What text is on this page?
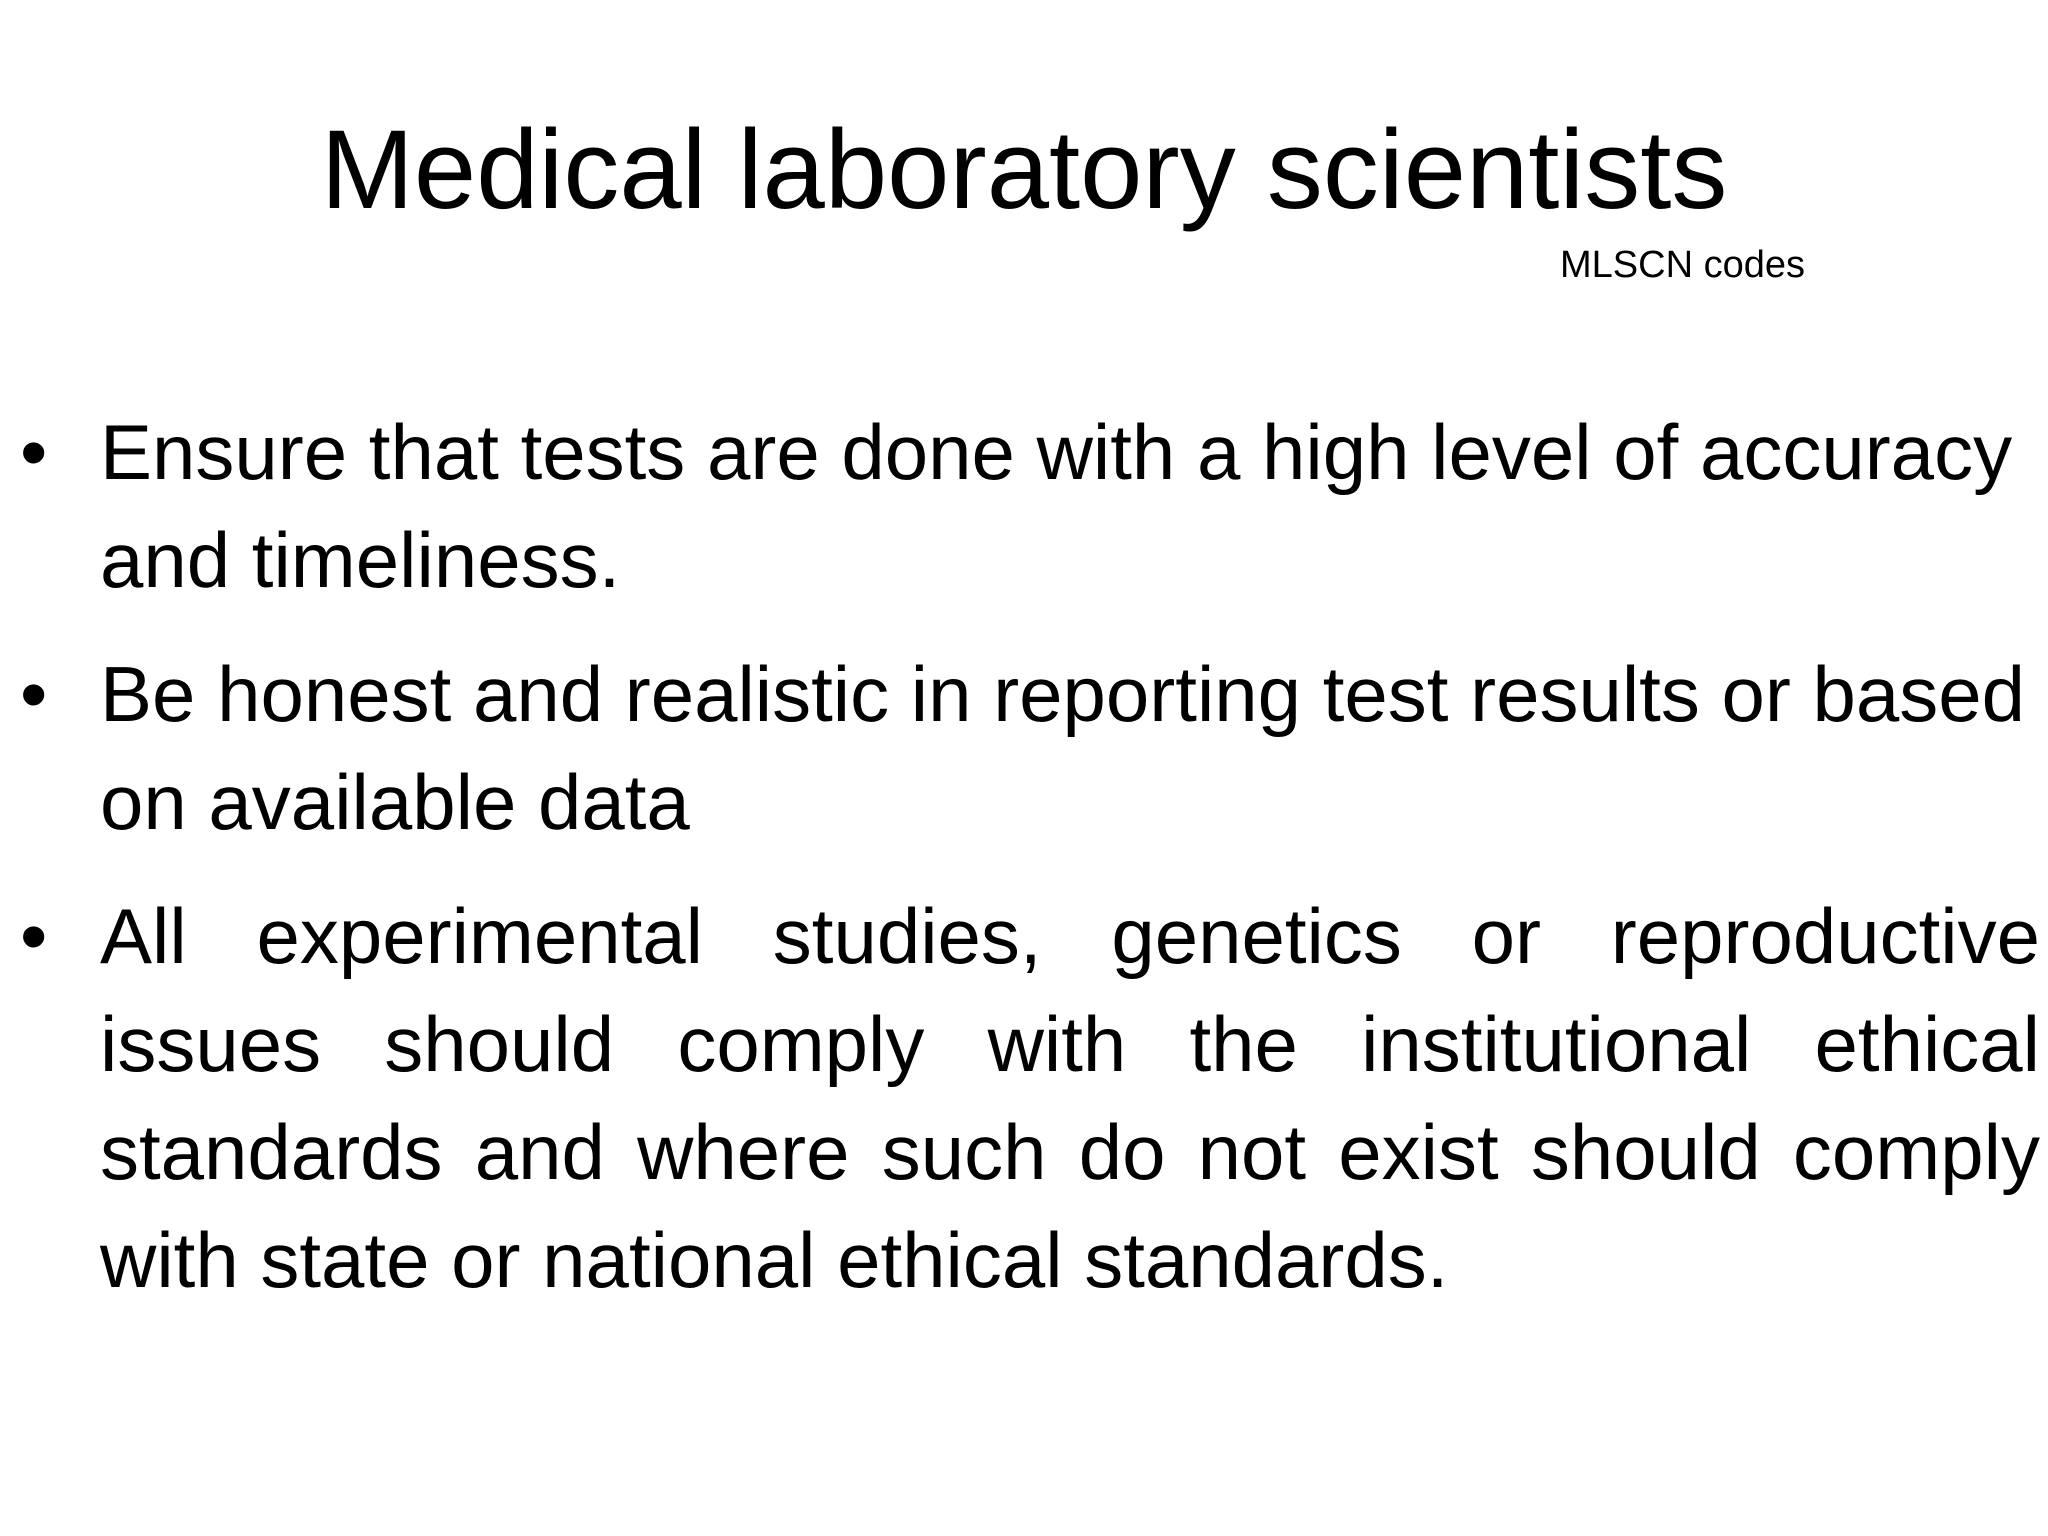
Medical laboratory scientists
MLSCN codes
• Ensure that tests are done with a high level of accuracy and timeliness.
• Be honest and realistic in reporting test results or based on available data
• All experimental studies, genetics or reproductive issues should comply with the institutional ethical standards and where such do not exist should comply with state or national ethical standards.
